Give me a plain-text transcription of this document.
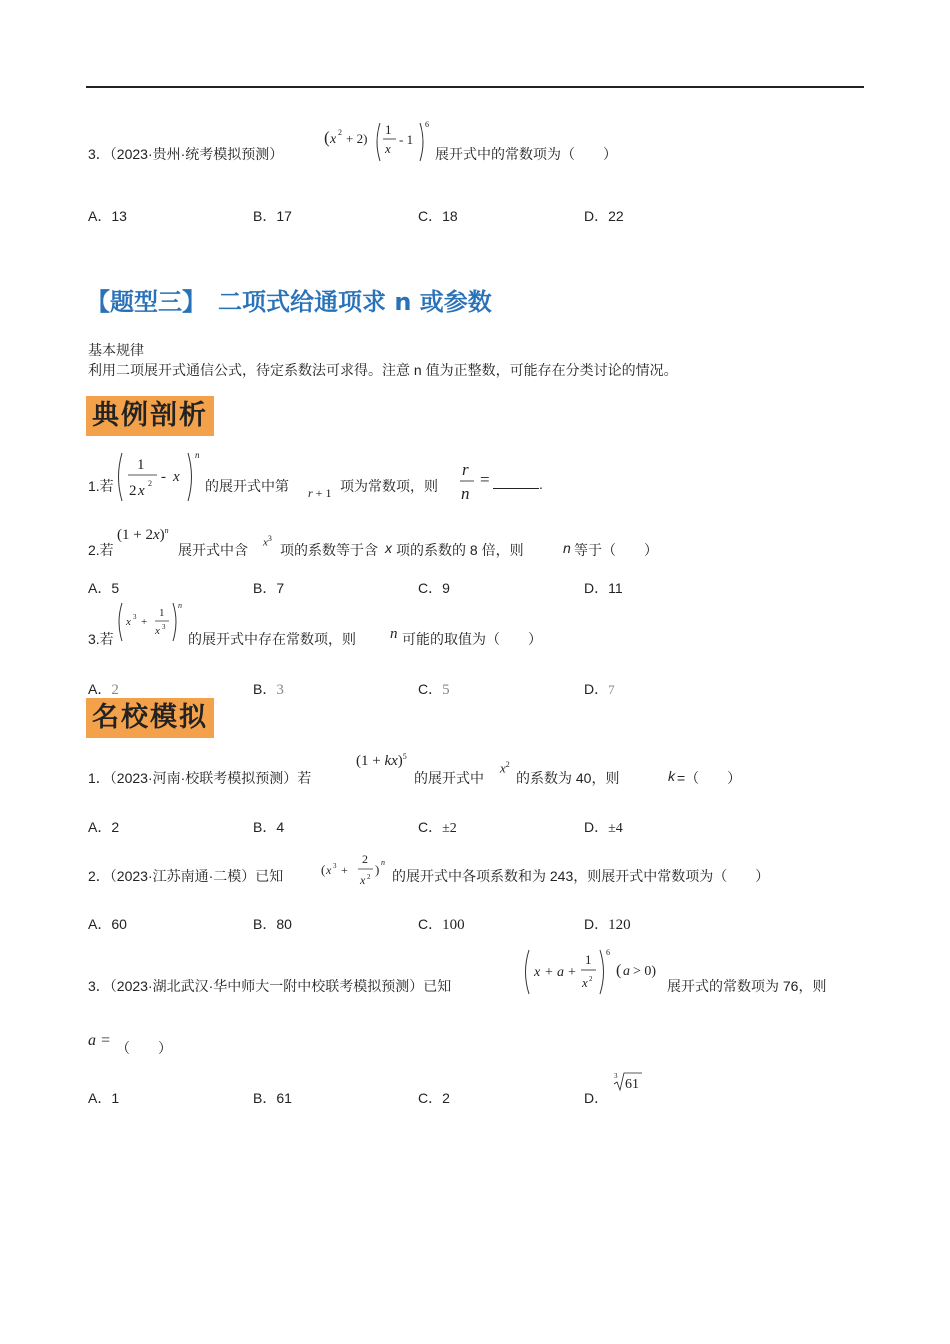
3．（2023·贵州·统考模拟预测）
( x 2 + 2)
1
x
- 1
6
展开式中的常数项为（　　）
A．13	B．17	C．18	D．22
【题型三】　二项式给通项求 n 或参数
基本规律
利用二项展开式通信公式，待定系数法可求得。注意 n 值为正整数，可能存在分类讨论的情况。
典例剖析
1.若
1
2 x 2 - x
n
的展开式中第 r + 1 项为常数项，则
r
n
=	.
2.若
$(1 + 2x)^n$
展开式中含 $x^3$
项的系数等于含 x 项的系数的 8 倍，则	n 等于（　　）
A．5	B．7	C．9	D．11
3.若
x 3 +
1
x 3
n
的展开式中存在常数项，则 n 可能的取值为（　　）
A．2	B．3	C．5	D．7
名校模拟
1．（2023·河南·校联考模拟预测）若
(1 + kx)$^5$
的展开式中
$x^2$
的系数为 40，则	k =（　　）
A．2	B．4	C．±2	D．±4
2．（2023·江苏南通·二模）已知	( x 3 +
2
x 2 ) n
的展开式中各项系数和为 243，则展开式中常数项为（　　）
A．60	B．80	C．100	D．120
3．（2023·湖北武汉·华中师大一附中校联考模拟预测）已知
x + a +
1
x 2
6
( a > 0)
展开式的常数项为 76，则
a = （　　）
A．1	B．61	C．2	D．
3
61
